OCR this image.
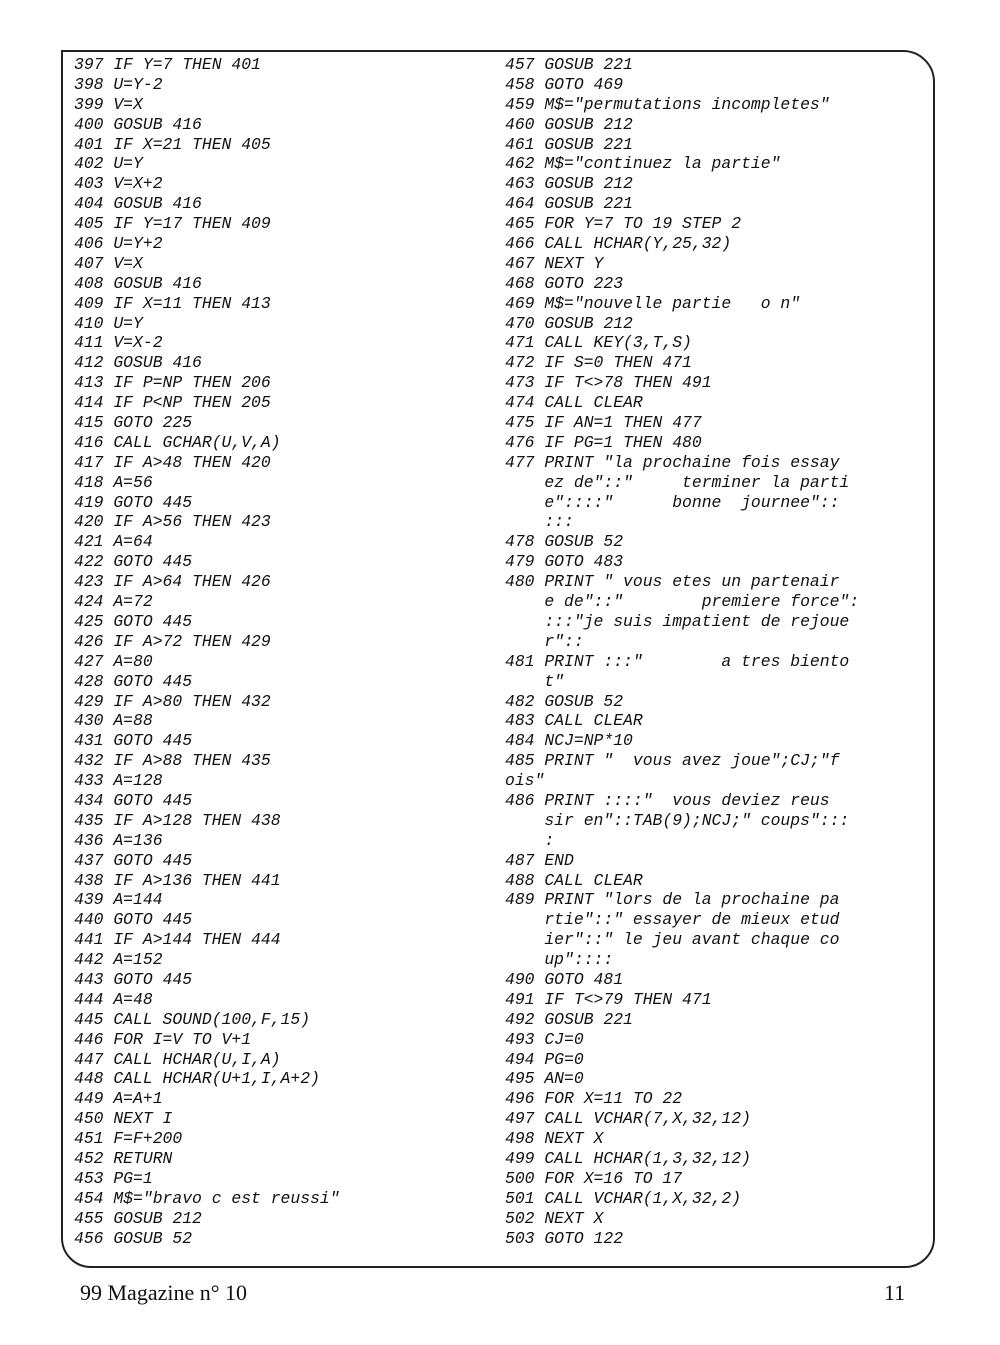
397 IF Y=7 THEN 401
398 U=Y-2
399 V=X
400 GOSUB 416
401 IF X=21 THEN 405
402 U=Y
403 V=X+2
404 GOSUB 416
405 IF Y=17 THEN 409
406 U=Y+2
407 V=X
408 GOSUB 416
409 IF X=11 THEN 413
410 U=Y
411 V=X-2
412 GOSUB 416
413 IF P=NP THEN 206
414 IF P<NP THEN 205
415 GOTO 225
416 CALL GCHAR(U,V,A)
417 IF A>48 THEN 420
418 A=56
419 GOTO 445
420 IF A>56 THEN 423
421 A=64
422 GOTO 445
423 IF A>64 THEN 426
424 A=72
425 GOTO 445
426 IF A>72 THEN 429
427 A=80
428 GOTO 445
429 IF A>80 THEN 432
430 A=88
431 GOTO 445
432 IF A>88 THEN 435
433 A=128
434 GOTO 445
435 IF A>128 THEN 438
436 A=136
437 GOTO 445
438 IF A>136 THEN 441
439 A=144
440 GOTO 445
441 IF A>144 THEN 444
442 A=152
443 GOTO 445
444 A=48
445 CALL SOUND(100,F,15)
446 FOR I=V TO V+1
447 CALL HCHAR(U,I,A)
448 CALL HCHAR(U+1,I,A+2)
449 A=A+1
450 NEXT I
451 F=F+200
452 RETURN
453 PG=1
454 M$="bravo c est reussi"
455 GOSUB 212
456 GOSUB 52
457 GOSUB 221
458 GOTO 469
459 M$="permutations incompletes"
460 GOSUB 212
461 GOSUB 221
462 M$="continuez la partie"
463 GOSUB 212
464 GOSUB 221
465 FOR Y=7 TO 19 STEP 2
466 CALL HCHAR(Y,25,32)
467 NEXT Y
468 GOTO 223
469 M$="nouvelle partie   o n"
470 GOSUB 212
471 CALL KEY(3,T,S)
472 IF S=0 THEN 471
473 IF T<>78 THEN 491
474 CALL CLEAR
475 IF AN=1 THEN 477
476 IF PG=1 THEN 480
477 PRINT "la prochaine fois essay
ez de"::"     terminer la parti
e"::::"      bonne  journee"::
:::
478 GOSUB 52
479 GOTO 483
480 PRINT " vous etes un partenair
e de"::"        premiere force":
:::"je suis impatient de rejoue
r"::
481 PRINT :::"        a tres biento
t"
482 GOSUB 52
483 CALL CLEAR
484 NCJ=NP*10
485 PRINT "  vous avez joue";CJ;"f
ois"
486 PRINT ::::"  vous deviez reus
sir en"::TAB(9);NCJ;" coups":::
:
487 END
488 CALL CLEAR
489 PRINT "lors de la prochaine pa
rtie"::" essayer de mieux etud
ier"::" le jeu avant chaque co
up"::::
490 GOTO 481
491 IF T<>79 THEN 471
492 GOSUB 221
493 CJ=0
494 PG=0
495 AN=0
496 FOR X=11 TO 22
497 CALL VCHAR(7,X,32,12)
498 NEXT X
499 CALL HCHAR(1,3,32,12)
500 FOR X=16 TO 17
501 CALL VCHAR(1,X,32,2)
502 NEXT X
503 GOTO 122
99 Magazine n° 10	11
